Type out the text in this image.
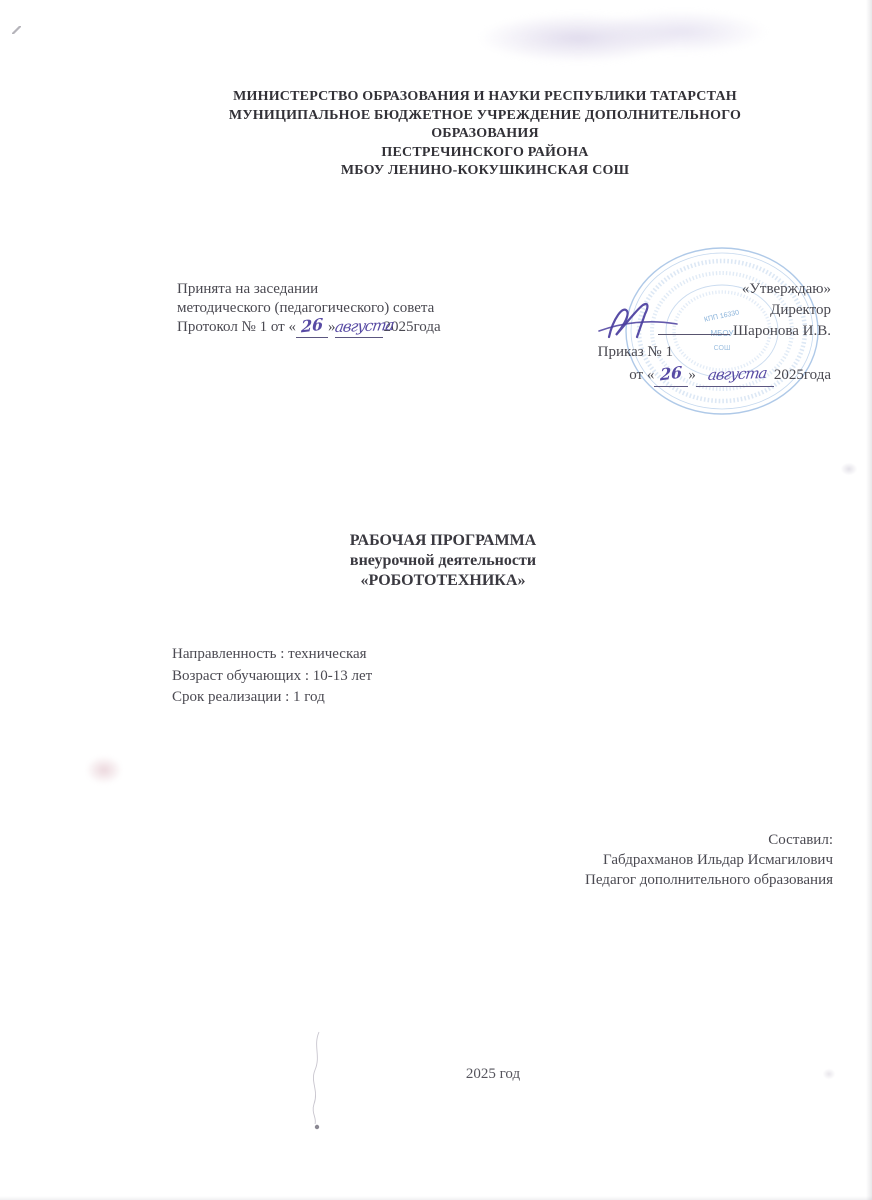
МИНИСТЕРСТВО ОБРАЗОВАНИЯ И НАУКИ РЕСПУБЛИКИ ТАТАРСТАН
МУНИЦИПАЛЬНОЕ БЮДЖЕТНОЕ УЧРЕЖДЕНИЕ ДОПОЛНИТЕЛЬНОГО
ОБРАЗОВАНИЯ
ПЕСТРЕЧИНСКОГО РАЙОНА
МБОУ ЛЕНИНО-КОКУШКИНСКАЯ СОШ
КПП 16330
МБОУ
СОШ
Принята на заседании
методического (педагогического) совета
Протокол № 1 от « 26 »августа2025года
«Утверждаю»
Директор
Шаронова И.В.
Приказ № 1
от « 26 » августа 2025года
РАБОЧАЯ ПРОГРАММА
внеурочной деятельности
«РОБОТОТЕХНИКА»
Направленность : техническая
Возраст обучающих : 10-13 лет
Срок реализации : 1 год
Составил:
Габдрахманов Ильдар Исмагилович
Педагог дополнительного образования
2025 год
